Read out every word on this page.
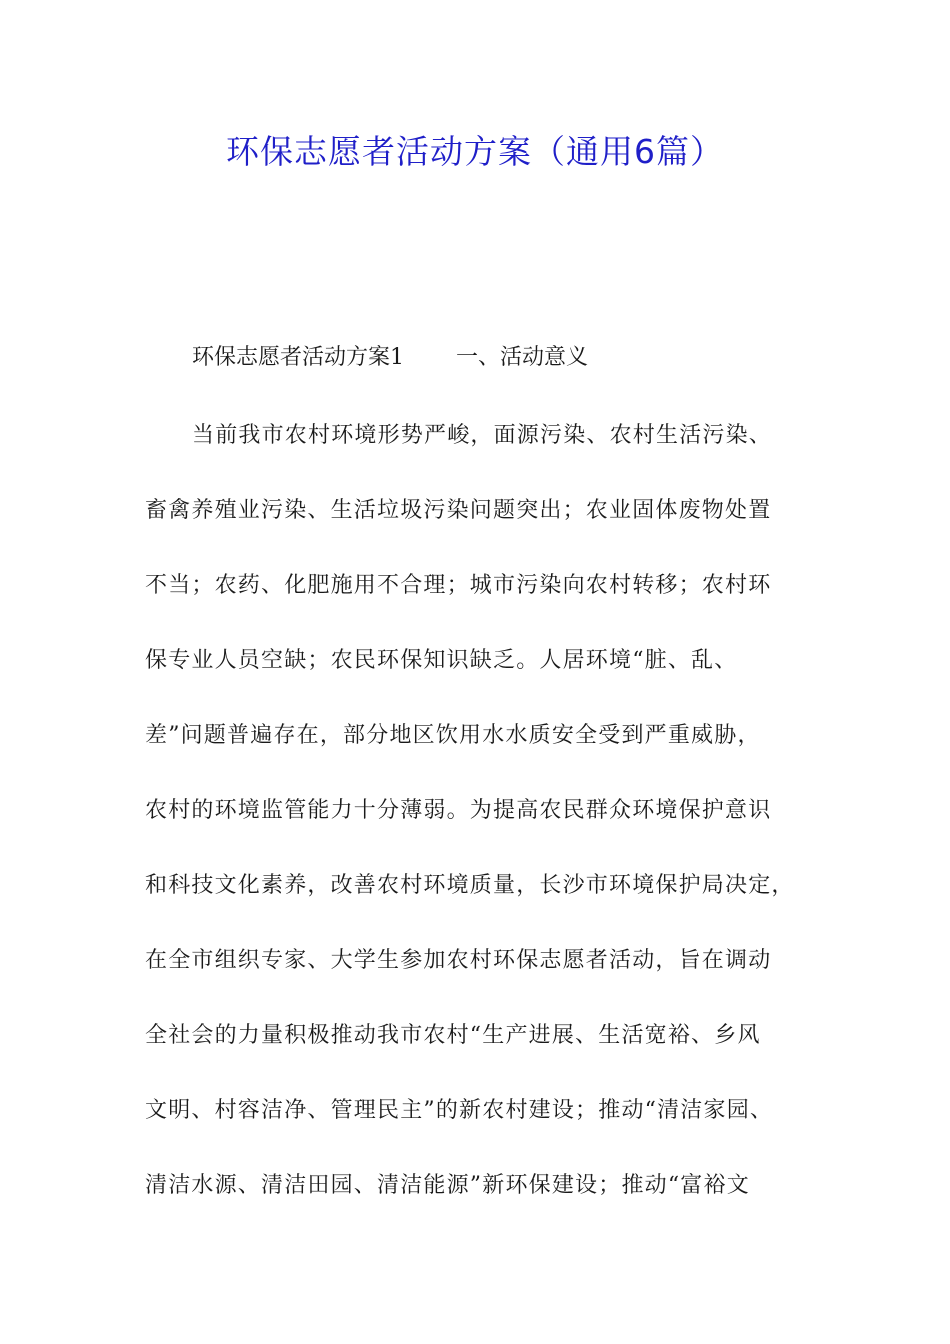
环保志愿者活动方案（通用6篇）
环保志愿者活动方案1 一、活动意义
当前我市农村环境形势严峻，面源污染、农村生活污染、
畜禽养殖业污染、生活垃圾污染问题突出；农业固体废物处置
不当；农药、化肥施用不合理；城市污染向农村转移；农村环
保专业人员空缺；农民环保知识缺乏。人居环境“脏、乱、
差”问题普遍存在，部分地区饮用水水质安全受到严重威胁，
农村的环境监管能力十分薄弱。为提高农民群众环境保护意识
和科技文化素养，改善农村环境质量，长沙市环境保护局决定，
在全市组织专家、大学生参加农村环保志愿者活动，旨在调动
全社会的力量积极推动我市农村“生产进展、生活宽裕、乡风
文明、村容洁净、管理民主”的新农村建设；推动“清洁家园、
清洁水源、清洁田园、清洁能源”新环保建设；推动“富裕文
